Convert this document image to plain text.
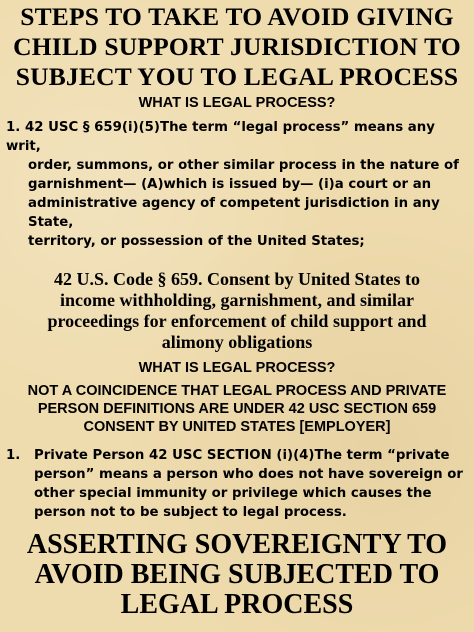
STEPS TO TAKE TO AVOID GIVING
CHILD SUPPORT JURISDICTION TO
SUBJECT YOU TO LEGAL PROCESS
WHAT IS LEGAL PROCESS?
1. 42 USC § 659(i)(5)The term “legal process” means any writ,
order, summons, or other similar process in the nature of
garnishment— (A)which is issued by— (i)a court or an
administrative agency of competent jurisdiction in any State,
territory, or possession of the United States;
42 U.S. Code § 659. Consent by United States to
income withholding, garnishment, and similar
proceedings for enforcement of child support and
alimony obligations
WHAT IS LEGAL PROCESS?
NOT A COINCIDENCE THAT LEGAL PROCESS AND PRIVATE
PERSON DEFINITIONS ARE UNDER 42 USC SECTION 659
CONSENT BY UNITED STATES [EMPLOYER]
1.	Private Person 42 USC SECTION (i)(4)The term “private
person” means a person who does not have sovereign or
other special immunity or privilege which causes the
person not to be subject to legal process.
ASSERTING SOVEREIGNTY TO
AVOID BEING SUBJECTED TO
LEGAL PROCESS
